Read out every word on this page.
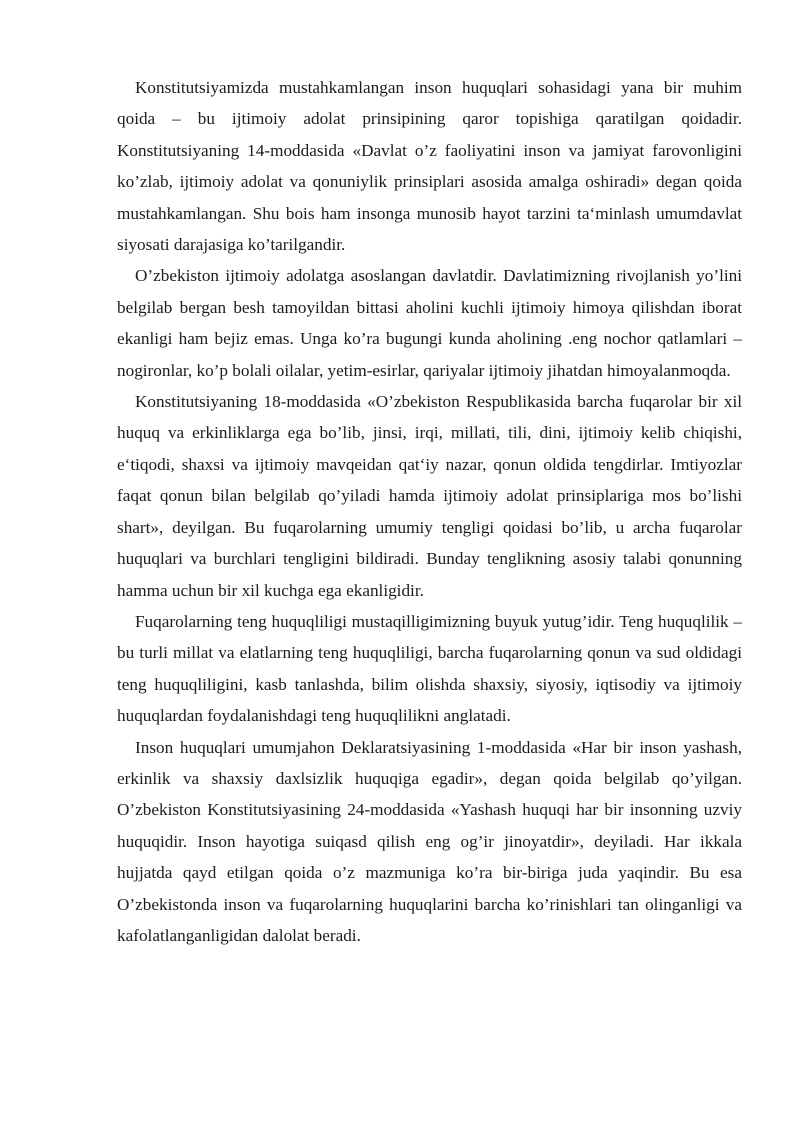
Konstitutsiyamizda mustahkamlangan inson huquqlari sohasidagi yana bir muhim qoida – bu ijtimoiy adolat prinsipining qaror topishiga qaratilgan qoidadir. Konstitutsiyaning 14-moddasida «Davlat o’z faoliyatini inson va jamiyat farovonligini ko’zlab, ijtimoiy adolat va qonuniylik prinsiplari asosida amalga oshiradi» degan qoida mustahkamlangan. Shu bois ham insonga munosib hayot tarzini ta‘minlash umumdavlat siyosati darajasiga ko’tarilgandir.

O’zbekiston ijtimoiy adolatga asoslangan davlatdir. Davlatimizning rivojlanish yo’lini belgilab bergan besh tamoyildan bittasi aholini kuchli ijtimoiy himoya qilishdan iborat ekanligi ham bejiz emas. Unga ko’ra bugungi kunda aholining .eng nochor qatlamlari – nogironlar, ko’p bolali oilalar, yetim-esirlar, qariyalar ijtimoiy jihatdan himoyalanmoqda.

Konstitutsiyaning 18-moddasida «O’zbekiston Respublikasida barcha fuqarolar bir xil huquq va erkinliklarga ega bo’lib, jinsi, irqi, millati, tili, dini, ijtimoiy kelib chiqishi, e‘tiqodi, shaxsi va ijtimoiy mavqeidan qat‘iy nazar, qonun oldida tengdirlar. Imtiyozlar faqat qonun bilan belgilab qo’yiladi hamda ijtimoiy adolat prinsiplariga mos bo’lishi shart», deyilgan. Bu fuqarolarning umumiy tengligi qoidasi bo’lib, u archa fuqarolar huquqlari va burchlari tengligini bildiradi. Bunday tenglikning asosiy talabi qonunning hamma uchun bir xil kuchga ega ekanligidir.

Fuqarolarning teng huquqliligi mustaqilligimizning buyuk yutug’idir. Teng huquqlilik – bu turli millat va elatlarning teng huquqliligi, barcha fuqarolarning qonun va sud oldidagi teng huquqliligini, kasb tanlashda, bilim olishda shaxsiy, siyosiy, iqtisodiy va ijtimoiy huquqlardan foydalanishdagi teng huquqlilikni anglatadi.

Inson huquqlari umumjahon Deklaratsiyasining 1-moddasida «Har bir inson yashash, erkinlik va shaxsiy daxlsizlik huquqiga egadir», degan qoida belgilab qo’yilgan. O’zbekiston Konstitutsiyasining 24-moddasida «Yashash huquqi har bir insonning uzviy huquqidir. Inson hayotiga suiqasd qilish eng og’ir jinoyatdir», deyiladi. Har ikkala hujjatda qayd etilgan qoida o’z mazmuniga ko’ra bir-biriga juda yaqindir. Bu esa O’zbekistonda inson va fuqarolarning huquqlarini barcha ko’rinishlari tan olinganligi va kafolatlanganligidan dalolat beradi.
